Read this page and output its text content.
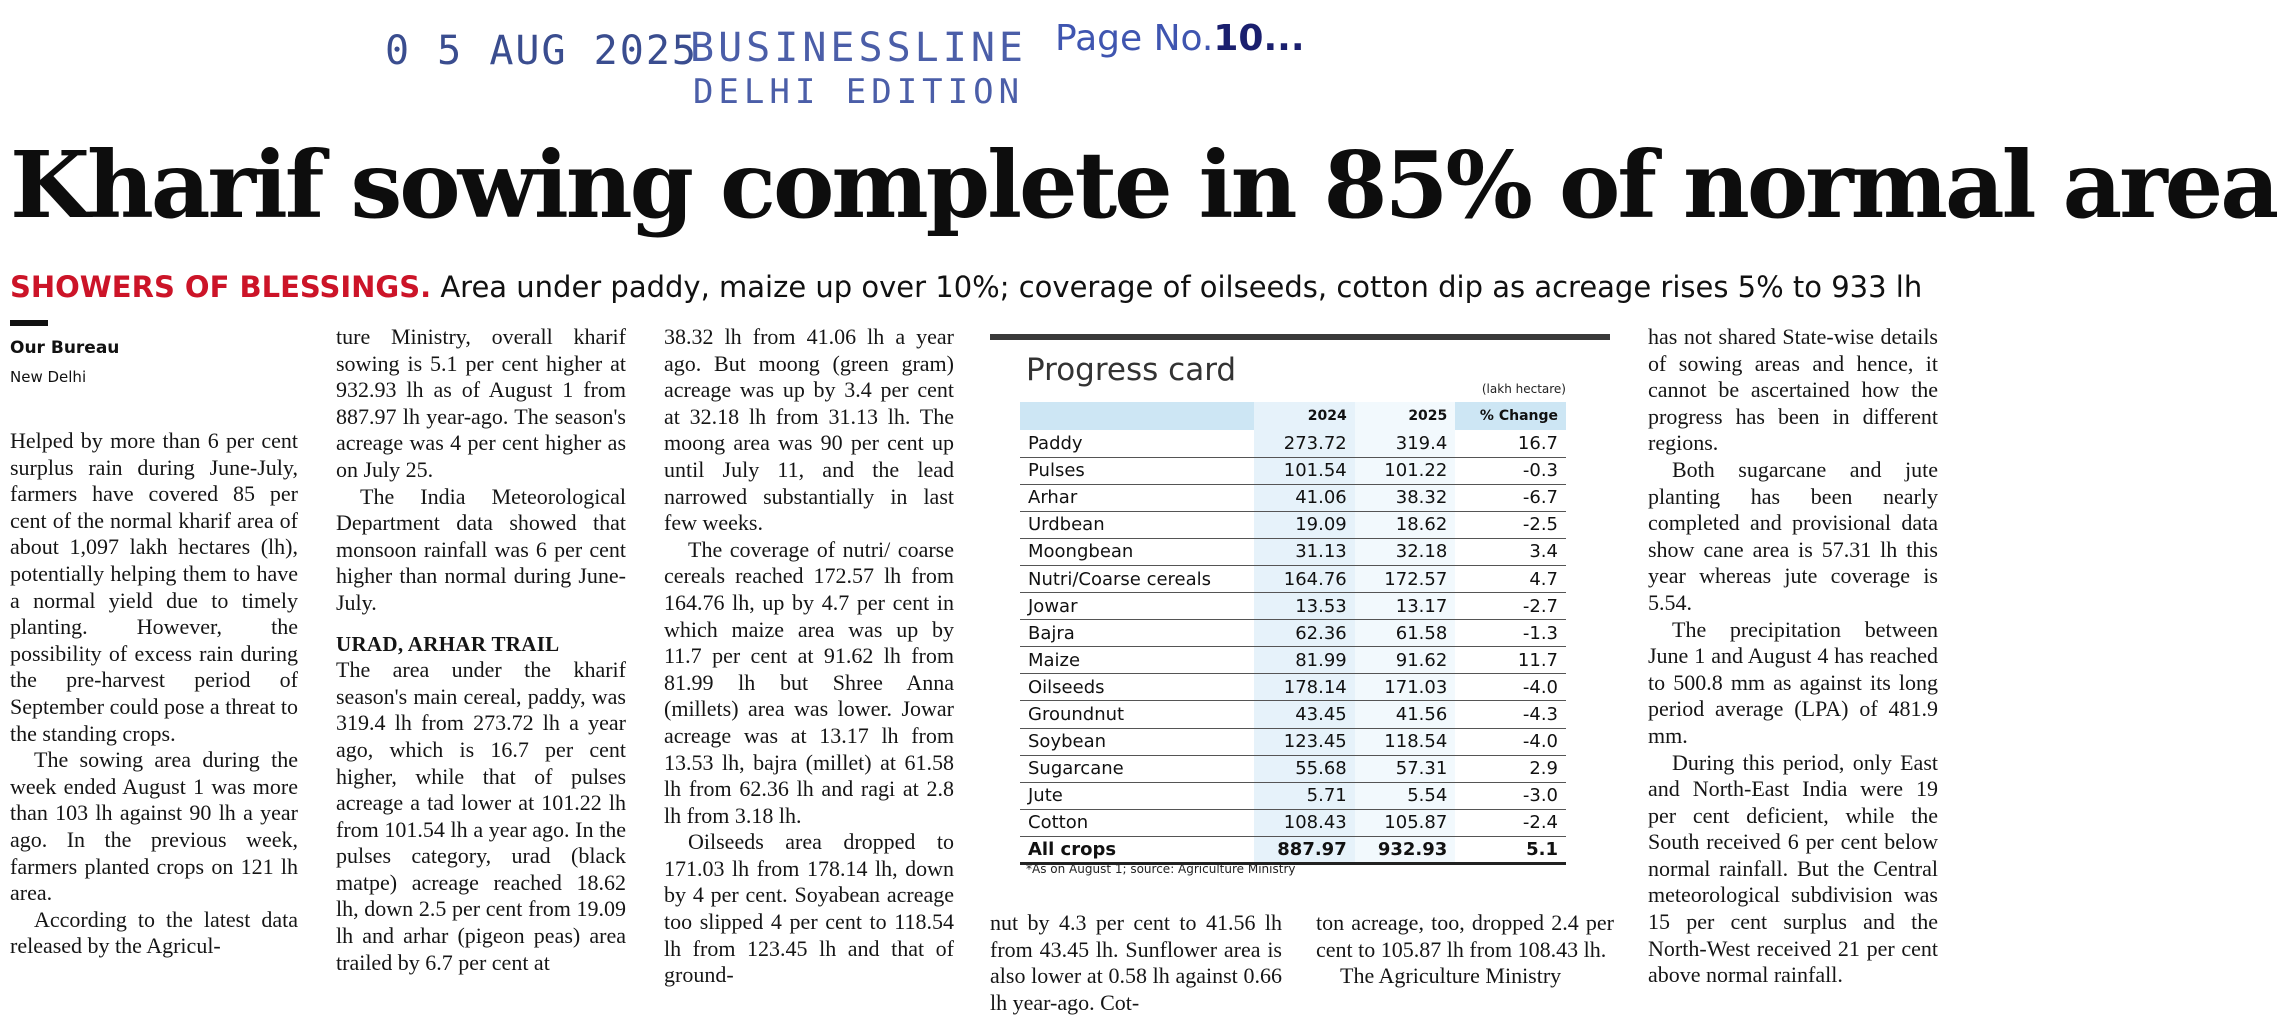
0 5 AUG 2025
BUSINESSLINE
DELHI EDITION
Page No.10...
Kharif sowing complete in 85% of normal area
SHOWERS OF BLESSINGS. Area under paddy, maize up over 10%; coverage of oilseeds, cotton dip as acreage rises 5% to 933 lh
Our Bureau
New Delhi

Helped by more than 6 per cent surplus rain during June-July, farmers have covered 85 per cent of the normal kharif area of about 1,097 lakh hectares (lh), potentially helping them to have a normal yield due to timely planting. However, the possibility of excess rain during the pre-harvest period of September could pose a threat to the standing crops.

The sowing area during the week ended August 1 was more than 103 lh against 90 lh a year ago. In the previous week, farmers planted crops on 121 lh area.

According to the latest data released by the Agricul-

ture Ministry, overall kharif sowing is 5.1 per cent higher at 932.93 lh as of August 1 from 887.97 lh year-ago. The season's acreage was 4 per cent higher as on July 25.

The India Meteorological Department data showed that monsoon rainfall was 6 per cent higher than normal during June-July.

URAD, ARHAR TRAIL

The area under the kharif season's main cereal, paddy, was 319.4 lh from 273.72 lh a year ago, which is 16.7 per cent higher, while that of pulses acreage a tad lower at 101.22 lh from 101.54 lh a year ago. In the pulses category, urad (black matpe) acreage reached 18.62 lh, down 2.5 per cent from 19.09 lh and arhar (pigeon peas) area trailed by 6.7 per cent at

38.32 lh from 41.06 lh a year ago. But moong (green gram) acreage was up by 3.4 per cent at 32.18 lh from 31.13 lh. The moong area was 90 per cent up until July 11, and the lead narrowed substantially in last few weeks.

The coverage of nutri/ coarse cereals reached 172.57 lh from 164.76 lh, up by 4.7 per cent in which maize area was up by 11.7 per cent at 91.62 lh from 81.99 lh but Shree Anna (millets) area was lower. Jowar acreage was at 13.17 lh from 13.53 lh, bajra (millet) at 61.58 lh from 62.36 lh and ragi at 2.8 lh from 3.18 lh.

Oilseeds area dropped to 171.03 lh from 178.14 lh, down by 4 per cent. Soyabean acreage too slipped 4 per cent to 118.54 lh from 123.45 lh and that of ground-

Progress card
(lakh hectare)
	2024	2025	% Change
Paddy	273.72	319.4	16.7
Pulses	101.54	101.22	-0.3
Arhar	41.06	38.32	-6.7
Urdbean	19.09	18.62	-2.5
Moongbean	31.13	32.18	3.4
Nutri/Coarse cereals	164.76	172.57	4.7
Jowar	13.53	13.17	-2.7
Bajra	62.36	61.58	-1.3
Maize	81.99	91.62	11.7
Oilseeds	178.14	171.03	-4.0
Groundnut	43.45	41.56	-4.3
Soybean	123.45	118.54	-4.0
Sugarcane	55.68	57.31	2.9
Jute	5.71	5.54	-3.0
Cotton	108.43	105.87	-2.4
All crops	887.97	932.93	5.1
*As on August 1; source: Agriculture Ministry

nut by 4.3 per cent to 41.56 lh from 43.45 lh. Sunflower area is also lower at 0.58 lh against 0.66 lh year-ago. Cot-

ton acreage, too, dropped 2.4 per cent to 105.87 lh from 108.43 lh.

The Agriculture Ministry

has not shared State-wise details of sowing areas and hence, it cannot be ascertained how the progress has been in different regions.

Both sugarcane and jute planting has been nearly completed and provisional data show cane area is 57.31 lh this year whereas jute coverage is 5.54.

The precipitation between June 1 and August 4 has reached to 500.8 mm as against its long period average (LPA) of 481.9 mm.

During this period, only East and North-East India were 19 per cent deficient, while the South received 6 per cent below normal rainfall. But the Central meteorological subdivision was 15 per cent surplus and the North-West received 21 per cent above normal rainfall.
